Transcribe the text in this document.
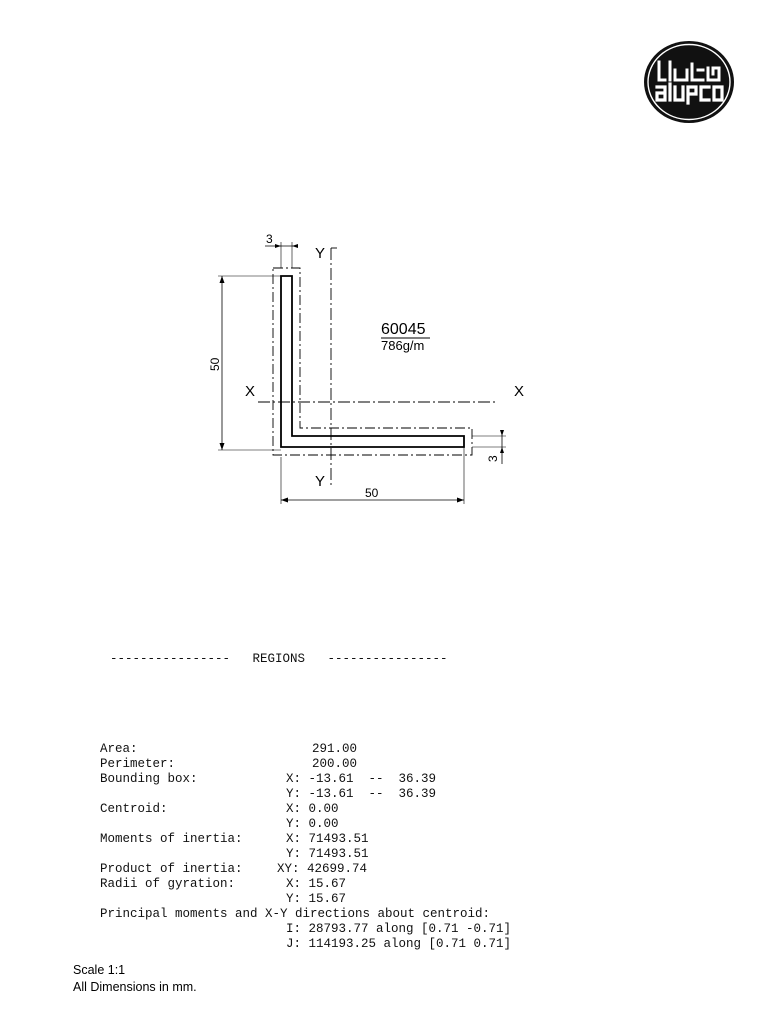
3
3
50
50
Y
Y
X	X
60045
786g/m

----------------   REGIONS   ----------------

Area:	291.00
Perimeter:	200.00
Bounding box:	X: -13.61  --  36.39
Y: -13.61  --  36.39
Centroid:	X: 0.00
Y: 0.00
Moments of inertia:	X: 71493.51
Y: 71493.51
Product of inertia:	XY: 42699.74
Radii of gyration:	X: 15.67
Y: 15.67
Principal moments and X-Y directions about centroid:
I: 28793.77 along [0.71 -0.71]
J: 114193.25 along [0.71 0.71]

Scale 1:1
All Dimensions in mm.
